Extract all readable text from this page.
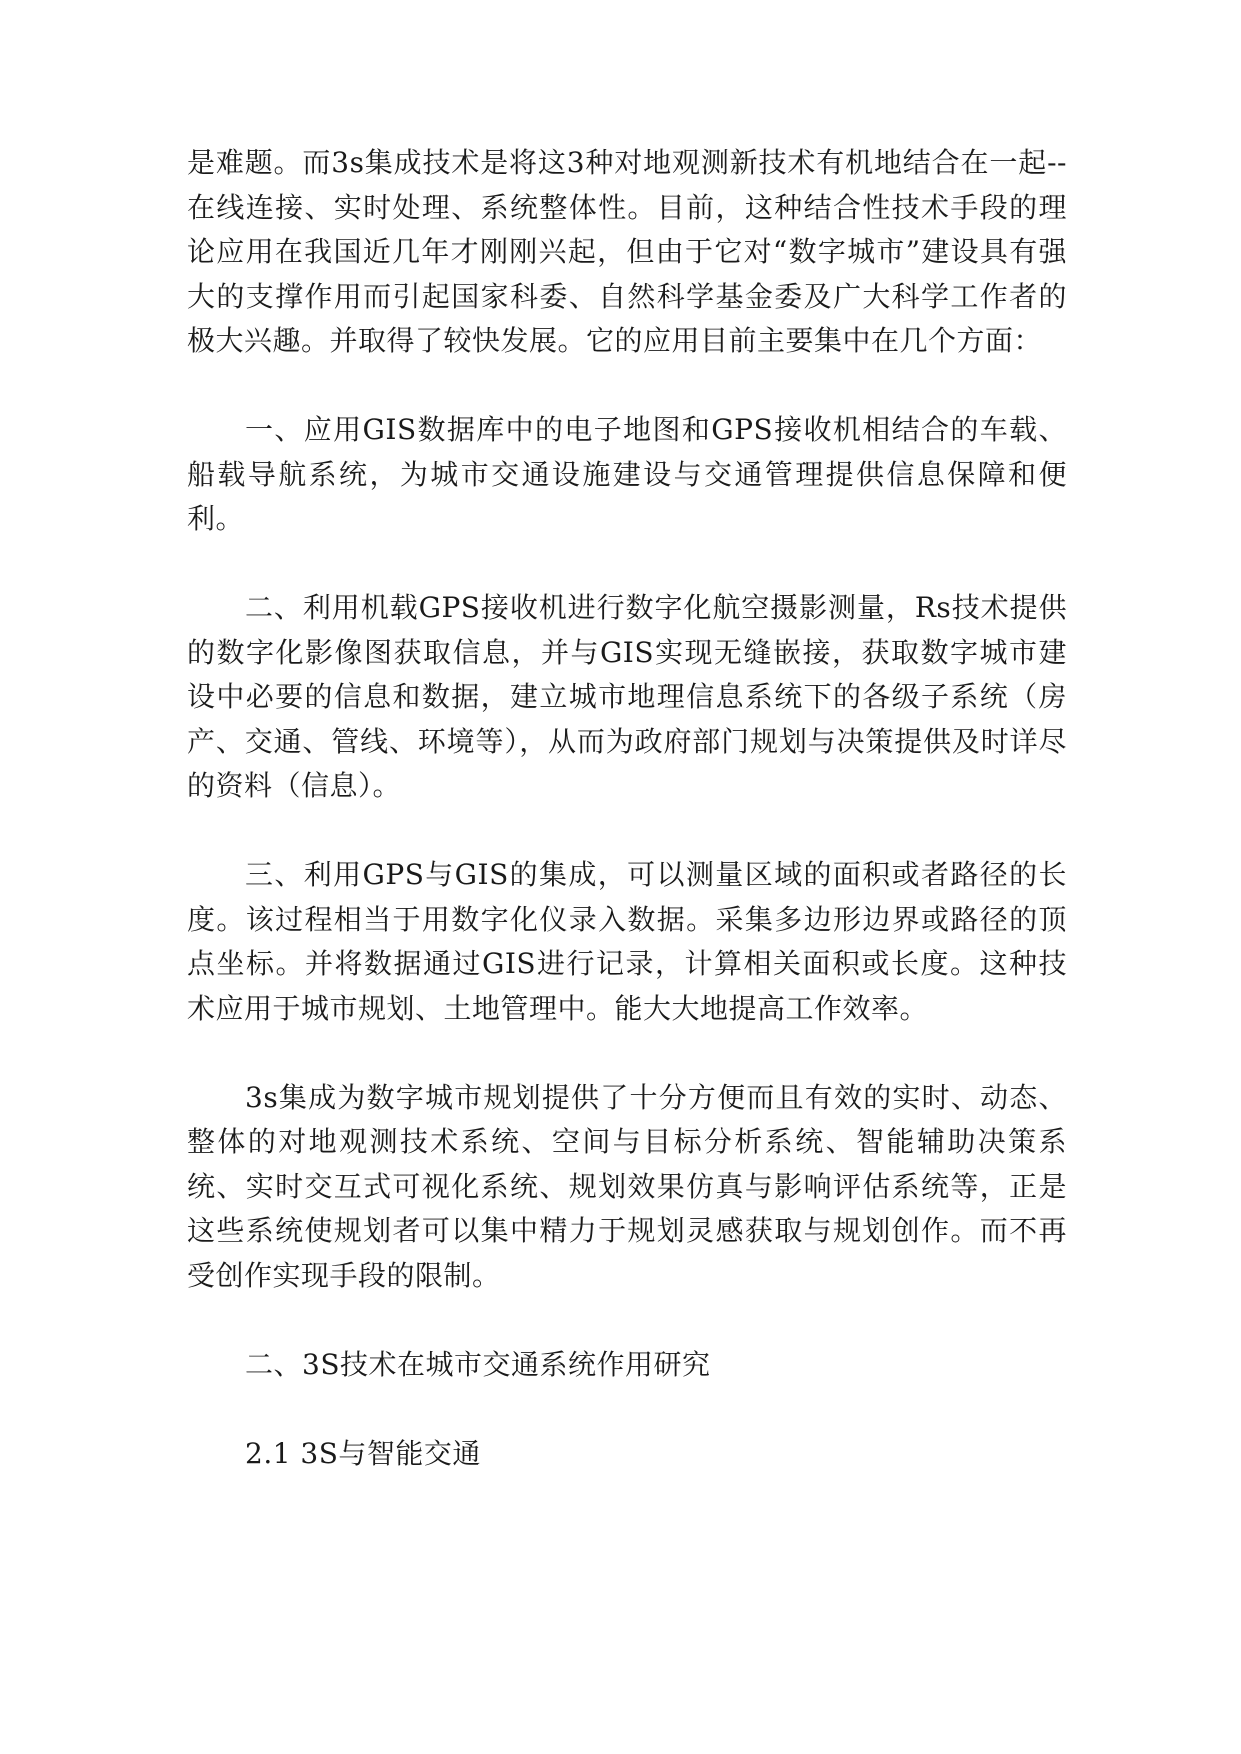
是难题。而3s集成技术是将这3种对地观测新技术有机地结合在一起--在线连接、实时处理、系统整体性。目前，这种结合性技术手段的理论应用在我国近几年才刚刚兴起，但由于它对“数字城市”建设具有强大的支撑作用而引起国家科委、自然科学基金委及广大科学工作者的极大兴趣。并取得了较快发展。它的应用目前主要集中在几个方面：

一、应用GIS数据库中的电子地图和GPS接收机相结合的车载、船载导航系统，为城市交通设施建设与交通管理提供信息保障和便利。

二、利用机载GPS接收机进行数字化航空摄影测量，Rs技术提供的数字化影像图获取信息，并与GIS实现无缝嵌接，获取数字城市建设中必要的信息和数据，建立城市地理信息系统下的各级子系统（房产、交通、管线、环境等），从而为政府部门规划与决策提供及时详尽的资料（信息）。

三、利用GPS与GIS的集成，可以测量区域的面积或者路径的长度。该过程相当于用数字化仪录入数据。采集多边形边界或路径的顶点坐标。并将数据通过GIS进行记录，计算相关面积或长度。这种技术应用于城市规划、土地管理中。能大大地提高工作效率。

3s集成为数字城市规划提供了十分方便而且有效的实时、动态、整体的对地观测技术系统、空间与目标分析系统、智能辅助决策系统、实时交互式可视化系统、规划效果仿真与影响评估系统等，正是这些系统使规划者可以集中精力于规划灵感获取与规划创作。而不再受创作实现手段的限制。

二、3S技术在城市交通系统作用研究

2.1 3S与智能交通
